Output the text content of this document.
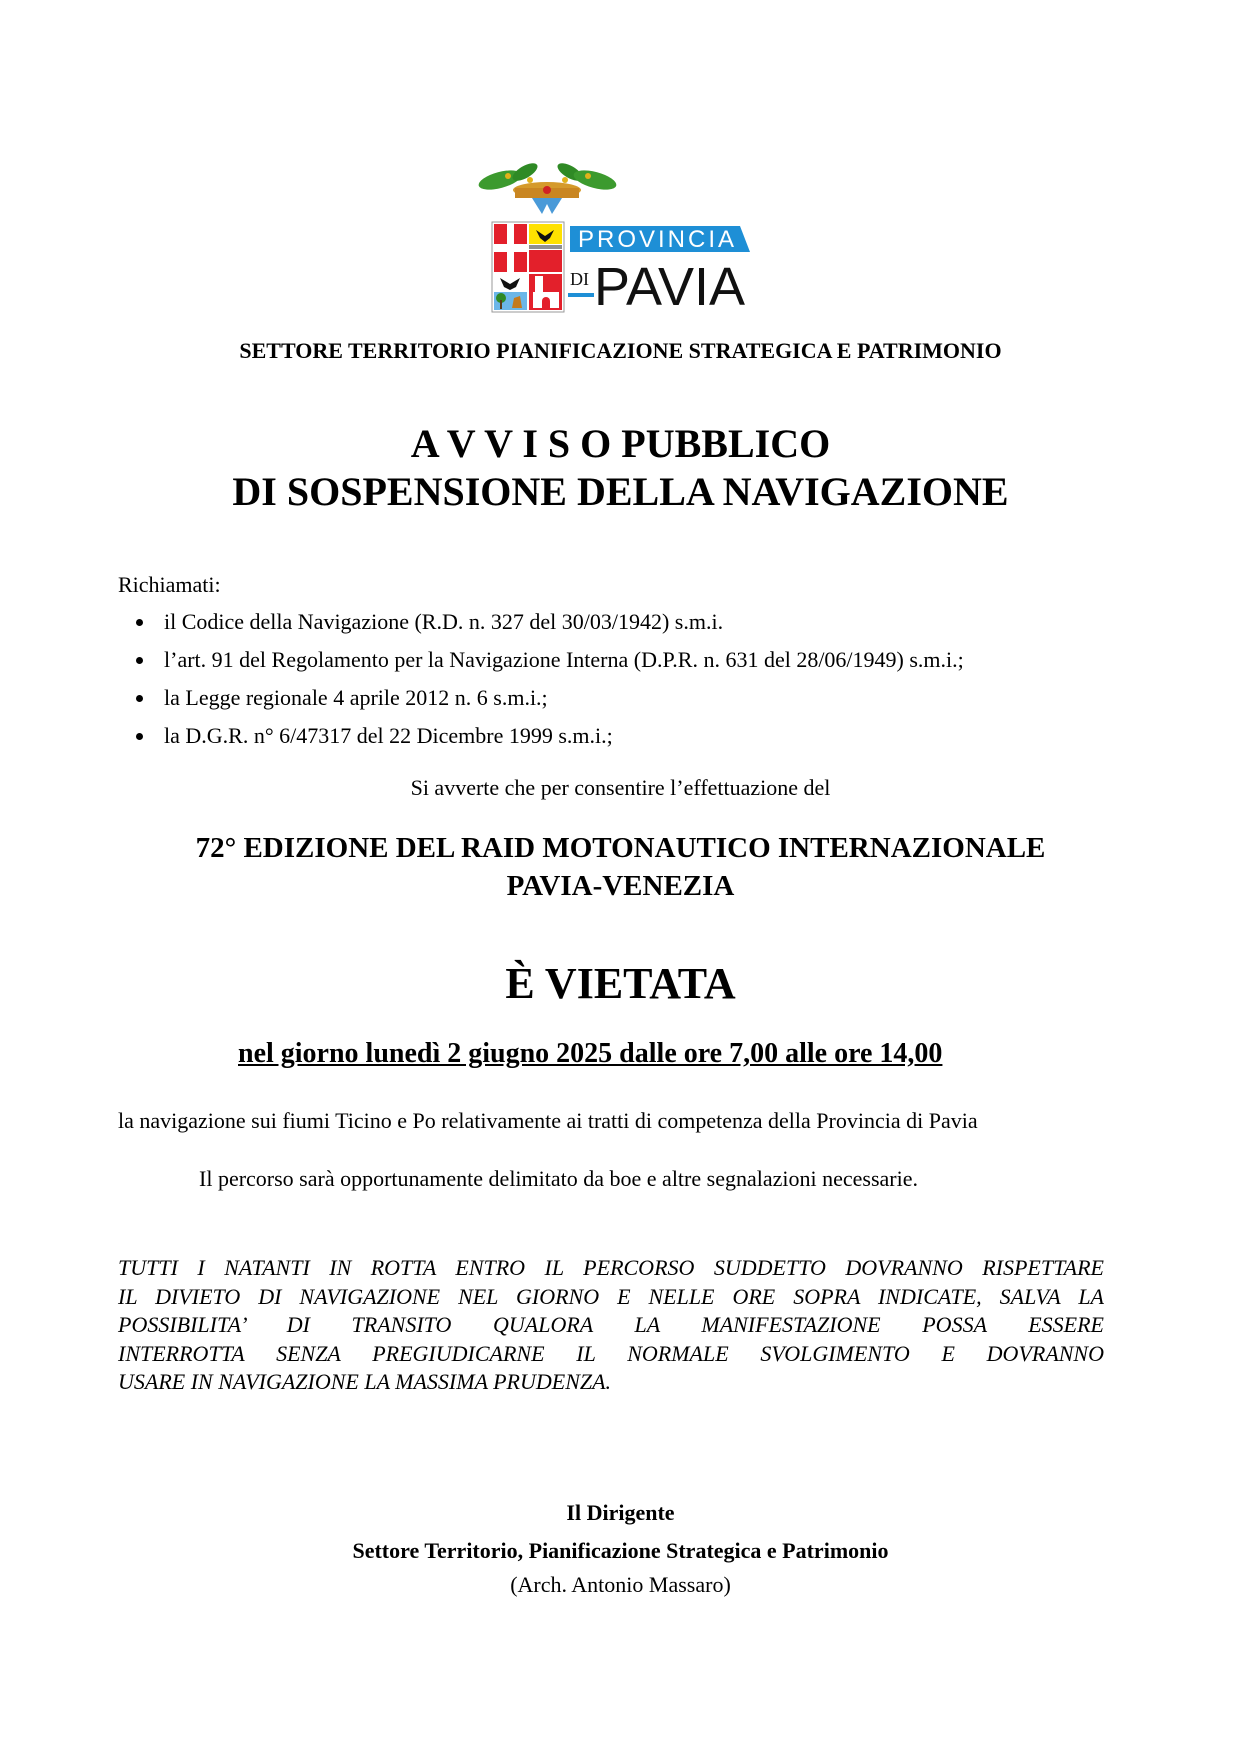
PROVINCIA
DI PAVIA
SETTORE TERRITORIO PIANIFICAZIONE STRATEGICA E PATRIMONIO
A V V I S O PUBBLICO
DI SOSPENSIONE DELLA NAVIGAZIONE
Richiamati:
il Codice della Navigazione (R.D. n. 327 del 30/03/1942) s.m.i.
l’art. 91 del Regolamento per la Navigazione Interna (D.P.R. n. 631 del 28/06/1949) s.m.i.;
la Legge regionale 4 aprile 2012 n. 6 s.m.i.;
la D.G.R. n° 6/47317 del 22 Dicembre 1999 s.m.i.;
Si avverte che per consentire l’effettuazione del
72° EDIZIONE DEL RAID MOTONAUTICO INTERNAZIONALE
PAVIA-VENEZIA
È VIETATA
nel giorno lunedì 2 giugno 2025 dalle ore 7,00 alle ore 14,00
la navigazione sui fiumi Ticino e Po relativamente ai tratti di competenza della Provincia di Pavia
Il percorso sarà opportunamente delimitato da boe e altre segnalazioni necessarie.
TUTTI I NATANTI IN ROTTA ENTRO IL PERCORSO SUDDETTO DOVRANNO RISPETTARE
IL DIVIETO DI NAVIGAZIONE NEL GIORNO E NELLE ORE SOPRA INDICATE, SALVA LA
POSSIBILITA’ DI TRANSITO QUALORA LA MANIFESTAZIONE POSSA ESSERE
INTERROTTA SENZA PREGIUDICARNE IL NORMALE SVOLGIMENTO E DOVRANNO
USARE IN NAVIGAZIONE LA MASSIMA PRUDENZA.
Il Dirigente
Settore Territorio, Pianificazione Strategica e Patrimonio
(Arch. Antonio Massaro)
